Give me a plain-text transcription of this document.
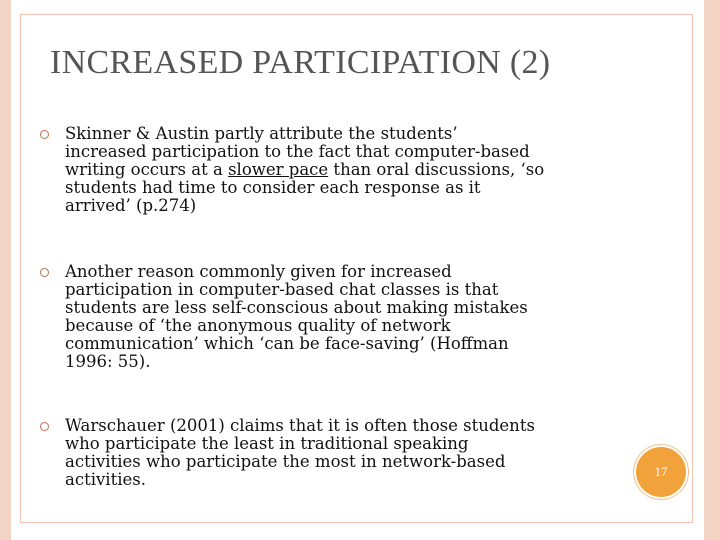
INCREASED PARTICIPATION (2)
Skinner & Austin partly attribute the students’
increased participation to the fact that computer-based
writing occurs at a slower pace than oral discussions, ‘so
students had time to consider each response as it
arrived’ (p.274)
Another reason commonly given for increased
participation in computer-based chat classes is that
students are less self-conscious about making mistakes
because of ‘the anonymous quality of network
communication’ which ‘can be face-saving’ (Hoffman
1996: 55).
Warschauer (2001) claims that it is often those students
who participate the least in traditional speaking
activities who participate the most in network-based
activities.	17
